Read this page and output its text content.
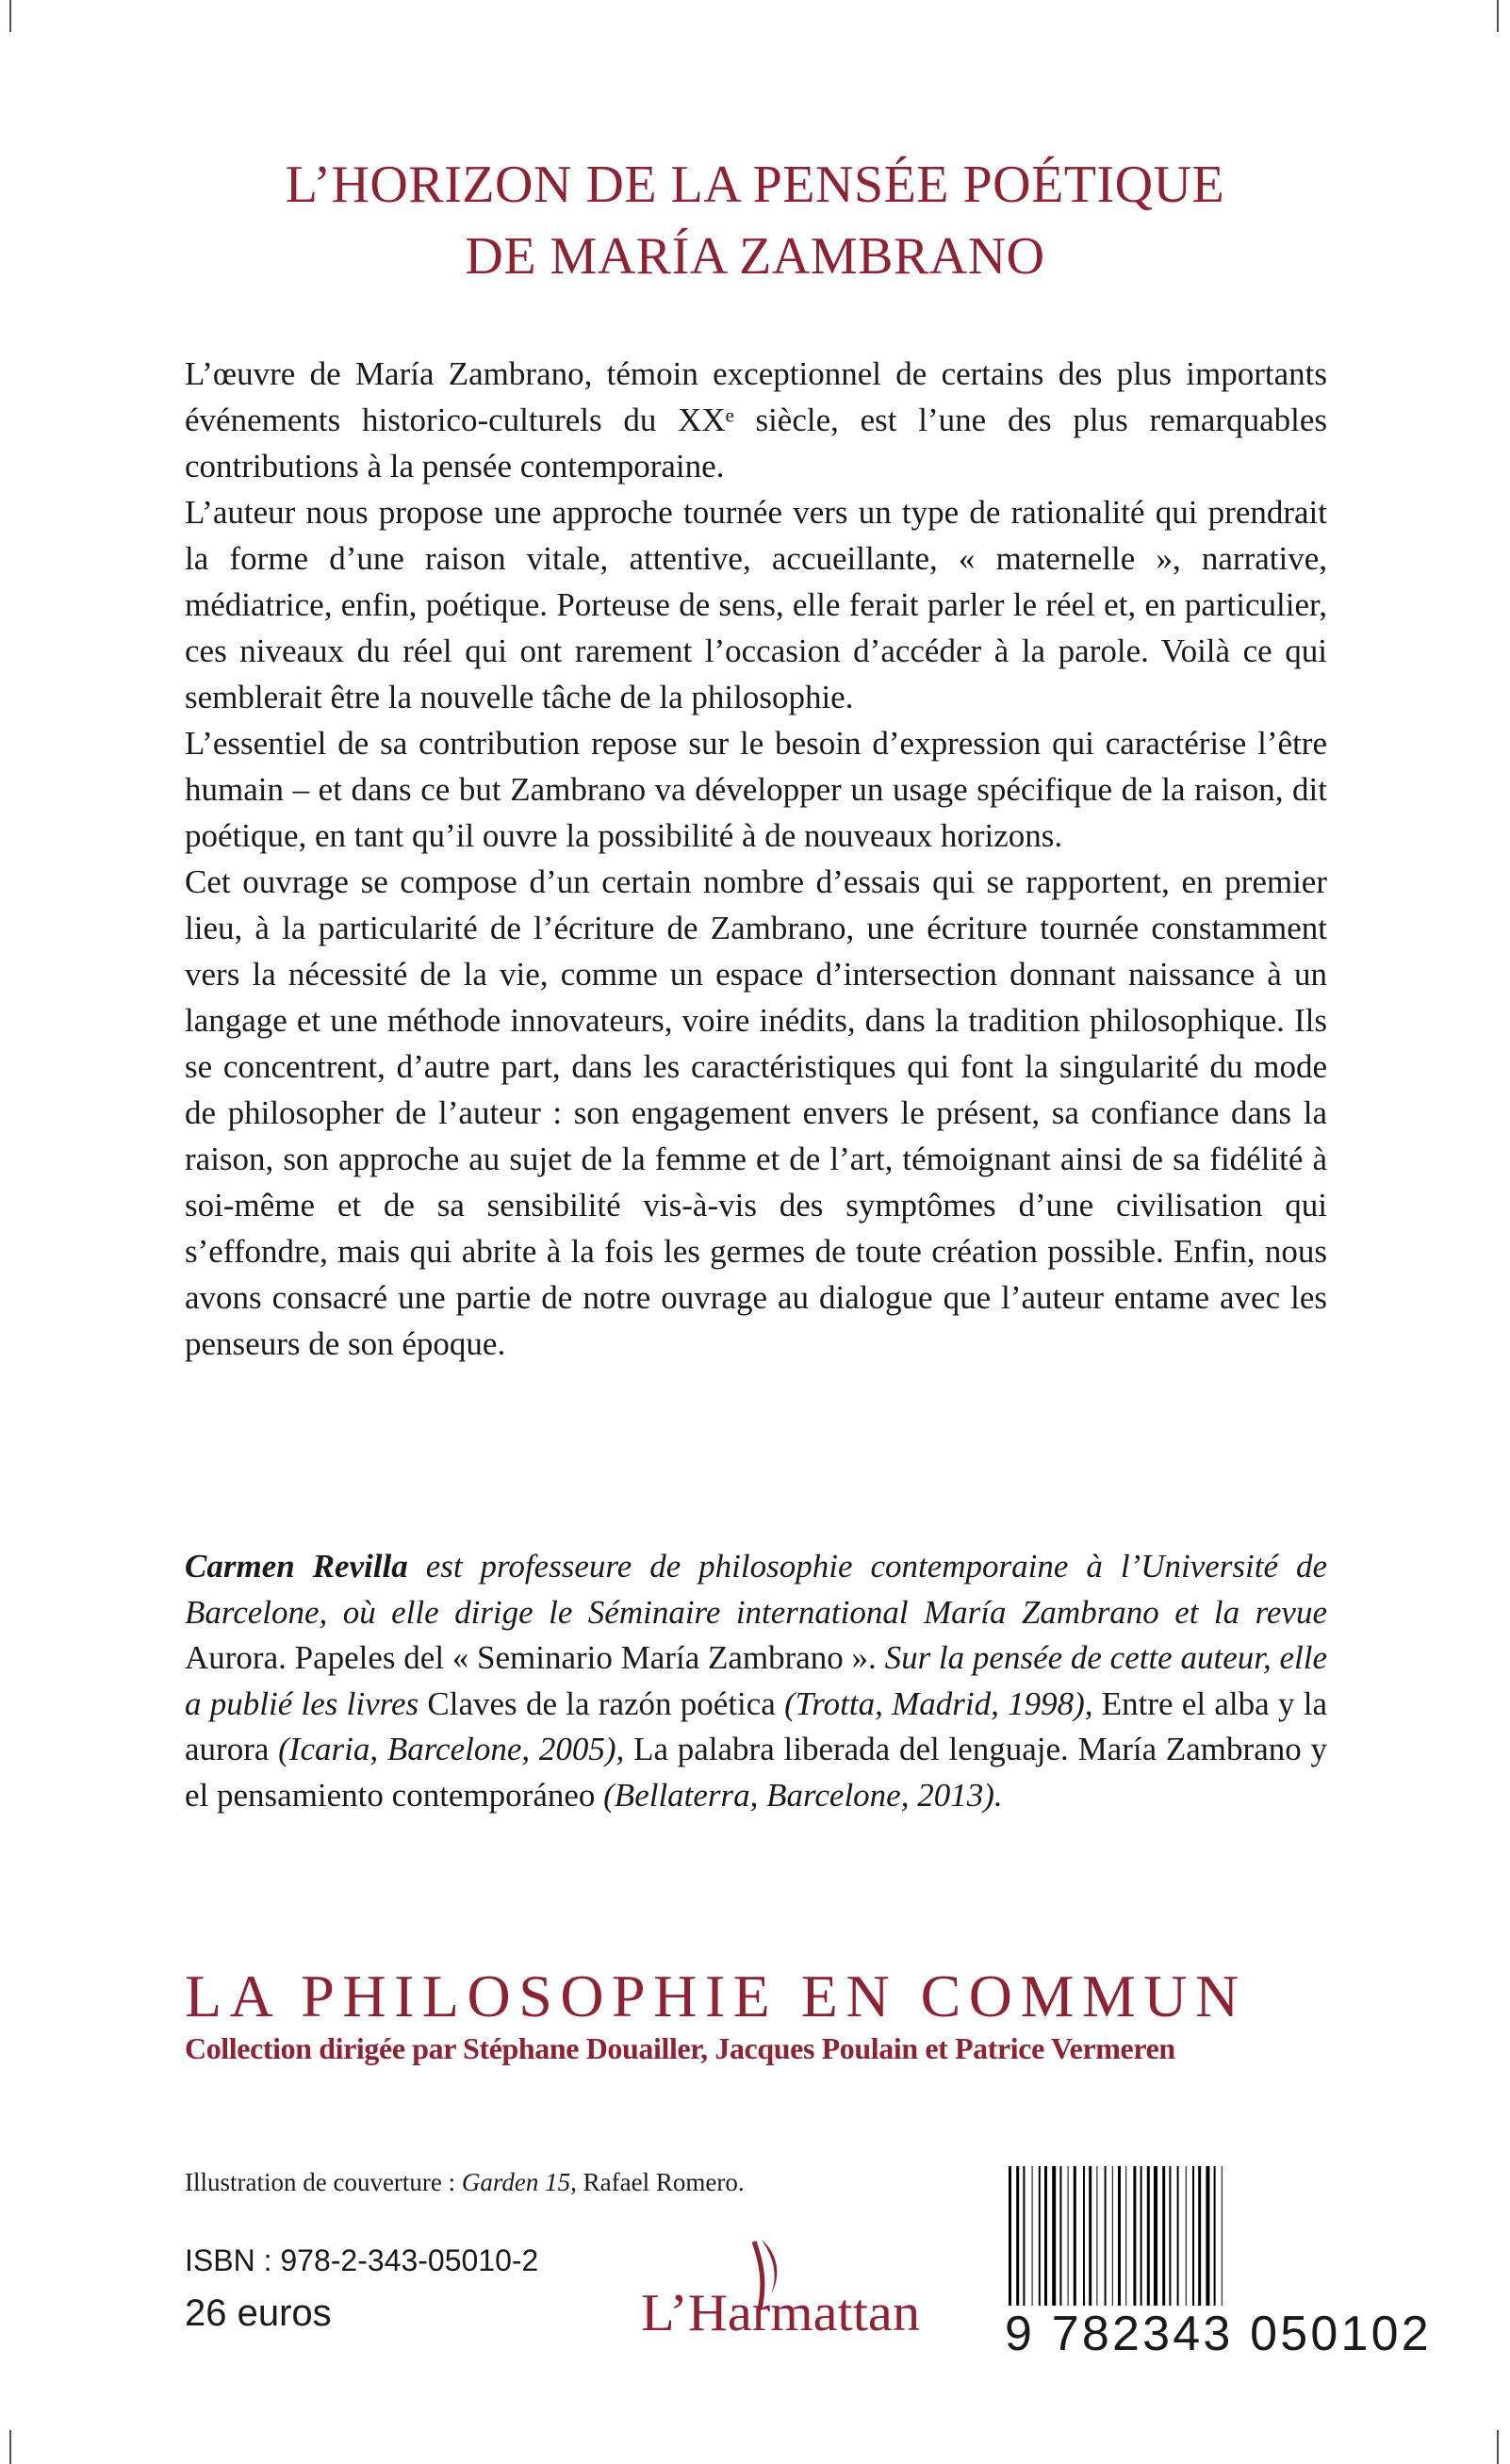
L’HORIZON DE LA PENSÉE POÉTIQUE
DE MARÍA ZAMBRANO

L’œuvre de María Zambrano, témoin exceptionnel de certains des plus importants événements historico-culturels du XXᵉ siècle, est l’une des plus remarquables contributions à la pensée contemporaine.

L’auteur nous propose une approche tournée vers un type de rationalité qui prendrait la forme d’une raison vitale, attentive, accueillante, « maternelle », narrative, médiatrice, enfin, poétique. Porteuse de sens, elle ferait parler le réel et, en particulier, ces niveaux du réel qui ont rarement l’occasion d’accéder à la parole. Voilà ce qui semblerait être la nouvelle tâche de la philosophie.

L’essentiel de sa contribution repose sur le besoin d’expression qui caractérise l’être humain – et dans ce but Zambrano va développer un usage spécifique de la raison, dit poétique, en tant qu’il ouvre la possibilité à de nouveaux horizons.

Cet ouvrage se compose d’un certain nombre d’essais qui se rapportent, en premier lieu, à la particularité de l’écriture de Zambrano, une écriture tournée constamment vers la nécessité de la vie, comme un espace d’intersection donnant naissance à un langage et une méthode innovateurs, voire inédits, dans la tradition philosophique. Ils se concentrent, d’autre part, dans les caractéristiques qui font la singularité du mode de philosopher de l’auteur : son engagement envers le présent, sa confiance dans la raison, son approche au sujet de la femme et de l’art, témoignant ainsi de sa fidélité à soi-même et de sa sensibilité vis-à-vis des symptômes d’une civilisation qui s’effondre, mais qui abrite à la fois les germes de toute création possible. Enfin, nous avons consacré une partie de notre ouvrage au dialogue que l’auteur entame avec les penseurs de son époque.

Carmen Revilla est professeure de philosophie contemporaine à l’Université de Barcelone, où elle dirige le Séminaire international María Zambrano et la revue Aurora. Papeles del « Seminario María Zambrano ». Sur la pensée de cette auteur, elle a publié les livres Claves de la razón poética (Trotta, Madrid, 1998), Entre el alba y la aurora (Icaria, Barcelone, 2005), La palabra liberada del lenguaje. María Zambrano y el pensamiento contemporáneo (Bellaterra, Barcelone, 2013).
LA PHILOSOPHIE EN COMMUN
Collection dirigée par Stéphane Douailler, Jacques Poulain et Patrice Vermeren
Illustration de couverture : Garden 15, Rafael Romero.
ISBN : 978-2-343-05010-2
26 euros	L’Harmattan 9 782343 050102
